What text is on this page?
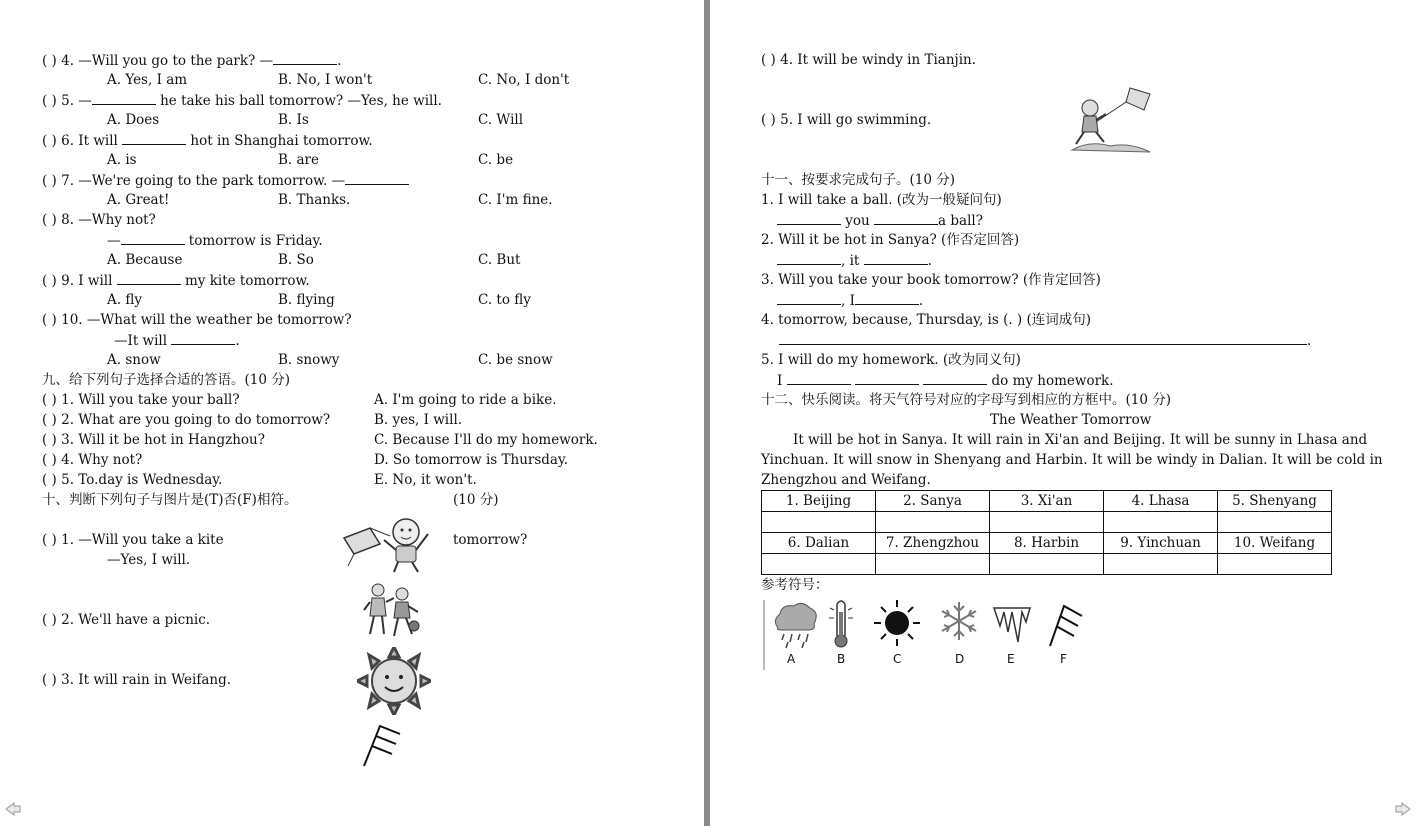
( ) 4. —Will you go to the park? —	.
A. Yes, I am	B. No, I won't	C. No, I don't
( ) 5. —	he take his ball tomorrow? —Yes, he will.
A. Does	B. Is	C. Will
( ) 6. It will	hot in Shanghai tomorrow.
A. is	B. are	C. be
( ) 7. —We're going to the park tomorrow. —
A. Great!	B. Thanks.	C. I'm fine.
( ) 8. —Why not?
—	tomorrow is Friday.
A. Because	B. So	C. But
( ) 9. I will	my kite tomorrow.
A. fly	B. flying	C. to fly
( ) 10. —What will the weather be tomorrow?
—It will	.
A. snow	B. snowy	C. be snow
九、给下列句子选择合适的答语。(10 分)
( ) 1. Will you take your ball?	A. I'm going to ride a bike.
( ) 2. What are you going to do tomorrow?	B. yes, I will.
( ) 3. Will it be hot in Hangzhou?	C. Because I'll do my homework.
( ) 4. Why not?	D. So tomorrow is Thursday.
( ) 5. To.day is Wednesday.	E. No, it won't.
十、判断下列句子与图片是(T)否(F)相符。	(10 分)
( ) 1. —Will you take a kite	tomorrow?
—Yes, I will.
( ) 2. We'll have a picnic.
( ) 3. It will rain in Weifang.
( ) 4. It will be windy in Tianjin.
( ) 5. I will go swimming.
十一、按要求完成句子。(10 分)
1. I will take a ball. (改为一般疑问句)
you	a ball?
2. Will it be hot in Sanya? (作否定回答)
, it	.
3. Will you take your book tomorrow? (作肯定回答)
, I	.
4. tomorrow, because, Thursday, is (. ) (连词成句)
.
5. I will do my homework. (改为同义句)
I	do my homework.
十二、快乐阅读。将天气符号对应的字母写到相应的方框中。(10 分)
The Weather Tomorrow
It will be hot in Sanya. It will rain in Xi'an and Beijing. It will be sunny in Lhasa and
Yinchuan. It will snow in Shenyang and Harbin. It will be windy in Dalian. It will be cold in
Zhengzhou and Weifang.
1. Beijing	2. Sanya	3. Xi'an	4. Lhasa	5. Shenyang

6. Dalian	7. Zhengzhou	8. Harbin	9. Yinchuan	10. Weifang

参考符号：
A	B	C	D	E	F
